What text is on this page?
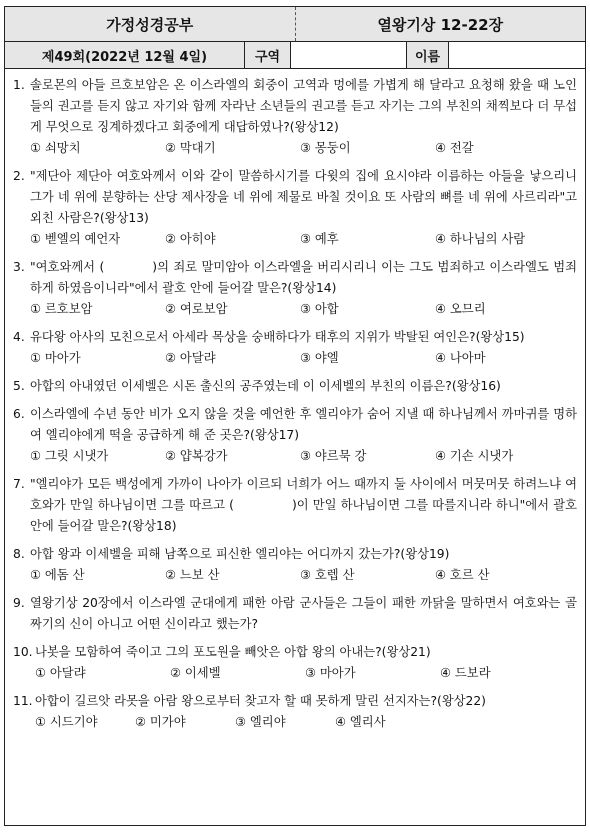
가정성경공부	열왕기상 12-22장
제49회(2022년 12월 4일)	구역	이름
1. 솔로몬의 아들 르호보암은 온 이스라엘의 회중이 고역과 멍에를 가볍게 해 달라고 요청해 왔을 때 노인들의 권고를 듣지 않고 자기와 함께 자라난 소년들의 권고를 듣고 자기는 그의 부친의 채찍보다 더 무섭게 무엇으로 징계하겠다고 회중에게 대답하였나?(왕상12)
① 쇠망치	② 막대기	③ 몽둥이	④ 전갈
2. "제단아 제단아 여호와께서 이와 같이 말씀하시기를 다윗의 집에 요시야라 이름하는 아들을 낳으리니 그가 네 위에 분향하는 산당 제사장을 네 위에 제물로 바칠 것이요 또 사람의 뼈를 네 위에 사르리라"고 외친 사람은?(왕상13)
① 벧엘의 예언자	② 아히야	③ 예후	④ 하나님의 사람
3. "여호와께서 (	)의 죄로 말미암아 이스라엘을 버리시리니 이는 그도 범죄하고 이스라엘도 범죄하게 하였음이니라"에서 괄호 안에 들어갈 말은?(왕상14)
① 르호보암	② 여로보암	③ 아합	④ 오므리
4. 유다왕 아사의 모친으로서 아세라 목상을 숭배하다가 태후의 지위가 박탈된 여인은?(왕상15)
① 마아가	② 아달랴	③ 야엘	④ 나아마
5. 아합의 아내였던 이세벨은 시돈 출신의 공주였는데 이 이세벨의 부친의 이름은?(왕상16)
6. 이스라엘에 수년 동안 비가 오지 않을 것을 예언한 후 엘리야가 숨어 지낼 때 하나님께서 까마귀를 명하여 엘리야에게 떡을 공급하게 해 준 곳은?(왕상17)
① 그릿 시냇가	② 얍복강가	③ 야르묵 강	④ 기손 시냇가
7. "엘리야가 모든 백성에게 가까이 나아가 이르되 너희가 어느 때까지 둘 사이에서 머뭇머뭇 하려느냐 여호와가 만일 하나님이면 그를 따르고 (	)이 만일 하나님이면 그를 따를지니라 하니"에서 괄호 안에 들어갈 말은?(왕상18)
8. 아합 왕과 이세벨을 피해 남쪽으로 피신한 엘리야는 어디까지 갔는가?(왕상19)
① 에돔 산	② 느보 산	③ 호렙 산	④ 호르 산
9. 열왕기상 20장에서 이스라엘 군대에게 패한 아람 군사들은 그들이 패한 까닭을 말하면서 여호와는 골짜기의 신이 아니고 어떤 신이라고 했는가?
10. 나봇을 모함하여 죽이고 그의 포도원을 빼앗은 아합 왕의 아내는?(왕상21)
① 아달랴	② 이세벨	③ 마아가	④ 드보라
11. 아합이 길르앗 라못을 아람 왕으로부터 찾고자 할 때 못하게 말린 선지자는?(왕상22)
① 시드기야	② 미가야	③ 엘리야	④ 엘리사
